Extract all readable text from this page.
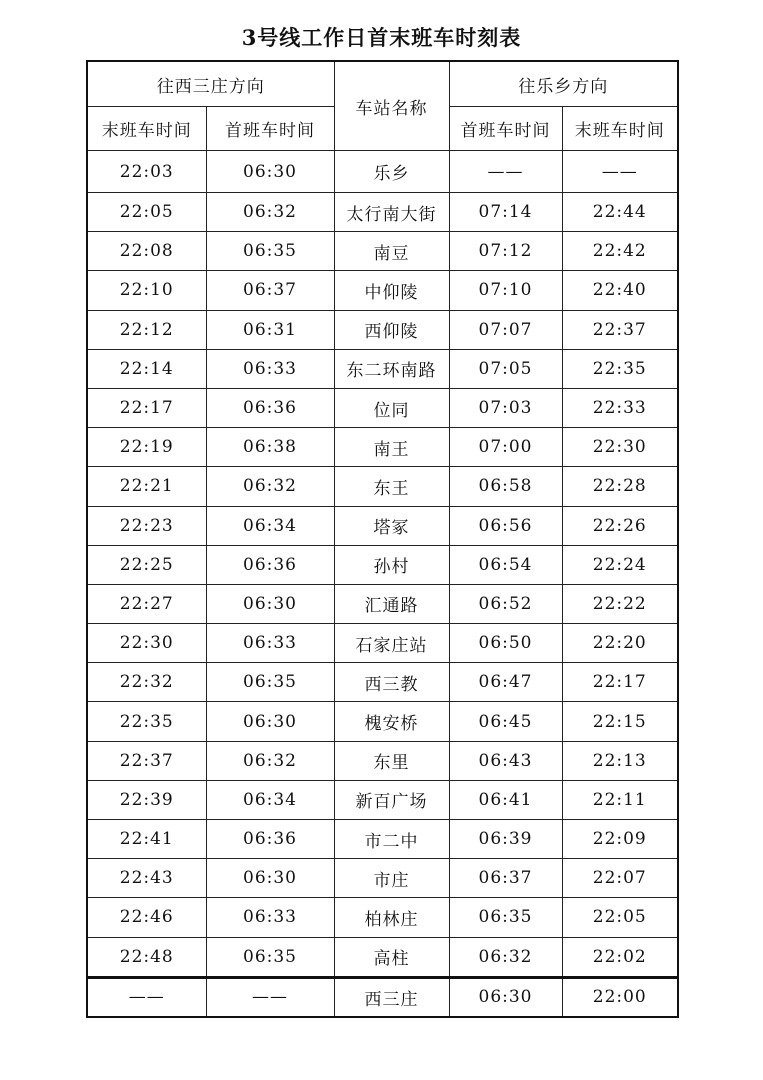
3号线工作日首末班车时刻表
往西三庄方向		车站名称	往乐乡方向	
末班车时间	首班车时间		首班车时间	末班车时间
22:03	06:30	乐乡	——	——
22:05	06:32	太行南大街	07:14	22:44
22:08	06:35	南豆	07:12	22:42
22:10	06:37	中仰陵	07:10	22:40
22:12	06:31	西仰陵	07:07	22:37
22:14	06:33	东二环南路	07:05	22:35
22:17	06:36	位同	07:03	22:33
22:19	06:38	南王	07:00	22:30
22:21	06:32	东王	06:58	22:28
22:23	06:34	塔冢	06:56	22:26
22:25	06:36	孙村	06:54	22:24
22:27	06:30	汇通路	06:52	22:22
22:30	06:33	石家庄站	06:50	22:20
22:32	06:35	西三教	06:47	22:17
22:35	06:30	槐安桥	06:45	22:15
22:37	06:32	东里	06:43	22:13
22:39	06:34	新百广场	06:41	22:11
22:41	06:36	市二中	06:39	22:09
22:43	06:30	市庄	06:37	22:07
22:46	06:33	柏林庄	06:35	22:05
22:48	06:35	高柱	06:32	22:02
——	——	西三庄	06:30	22:00
